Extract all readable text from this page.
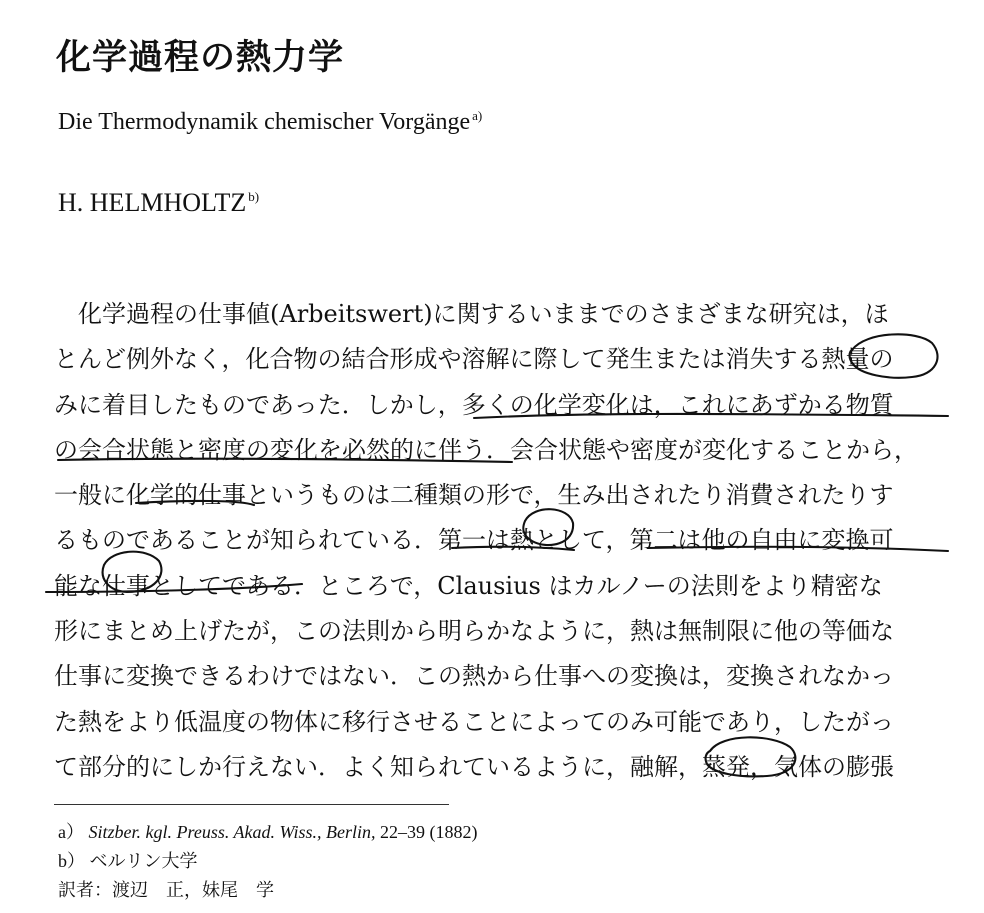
化学過程の熱力学
Die Thermodynamik chemischer Vorgänge $^{a)}$
H. HELMHOLTZ $^{b)}$
化学過程の仕事値(Arbeitswert)に関するいままでのさまざまな研究は，ほ
とんど例外なく，化合物の結合形成や溶解に際して発生または消失する熱量の
みに着目したものであった．しかし，多くの化学変化は，これにあずかる物質
の会合状態と密度の変化を必然的に伴う．会合状態や密度が変化することから，
一般に化学的仕事というものは二種類の形で，生み出されたり消費されたりす
るものであることが知られている．第一は熱として，第二は他の自由に変換可
能な仕事としてである．ところで，Clausius はカルノーの法則をより精密な
形にまとめ上げたが，この法則から明らかなように，熱は無制限に他の等価な
仕事に変換できるわけではない．この熱から仕事への変換は，変換されなかっ
た熱をより低温度の物体に移行させることによってのみ可能であり，したがっ
て部分的にしか行えない．よく知られているように，融解，蒸発，気体の膨張
a） Sitzber. kgl. Preuss. Akad. Wiss., Berlin, 22–39 (1882)
b） ベルリン大学
訳者：渡辺　正，妹尾　学
